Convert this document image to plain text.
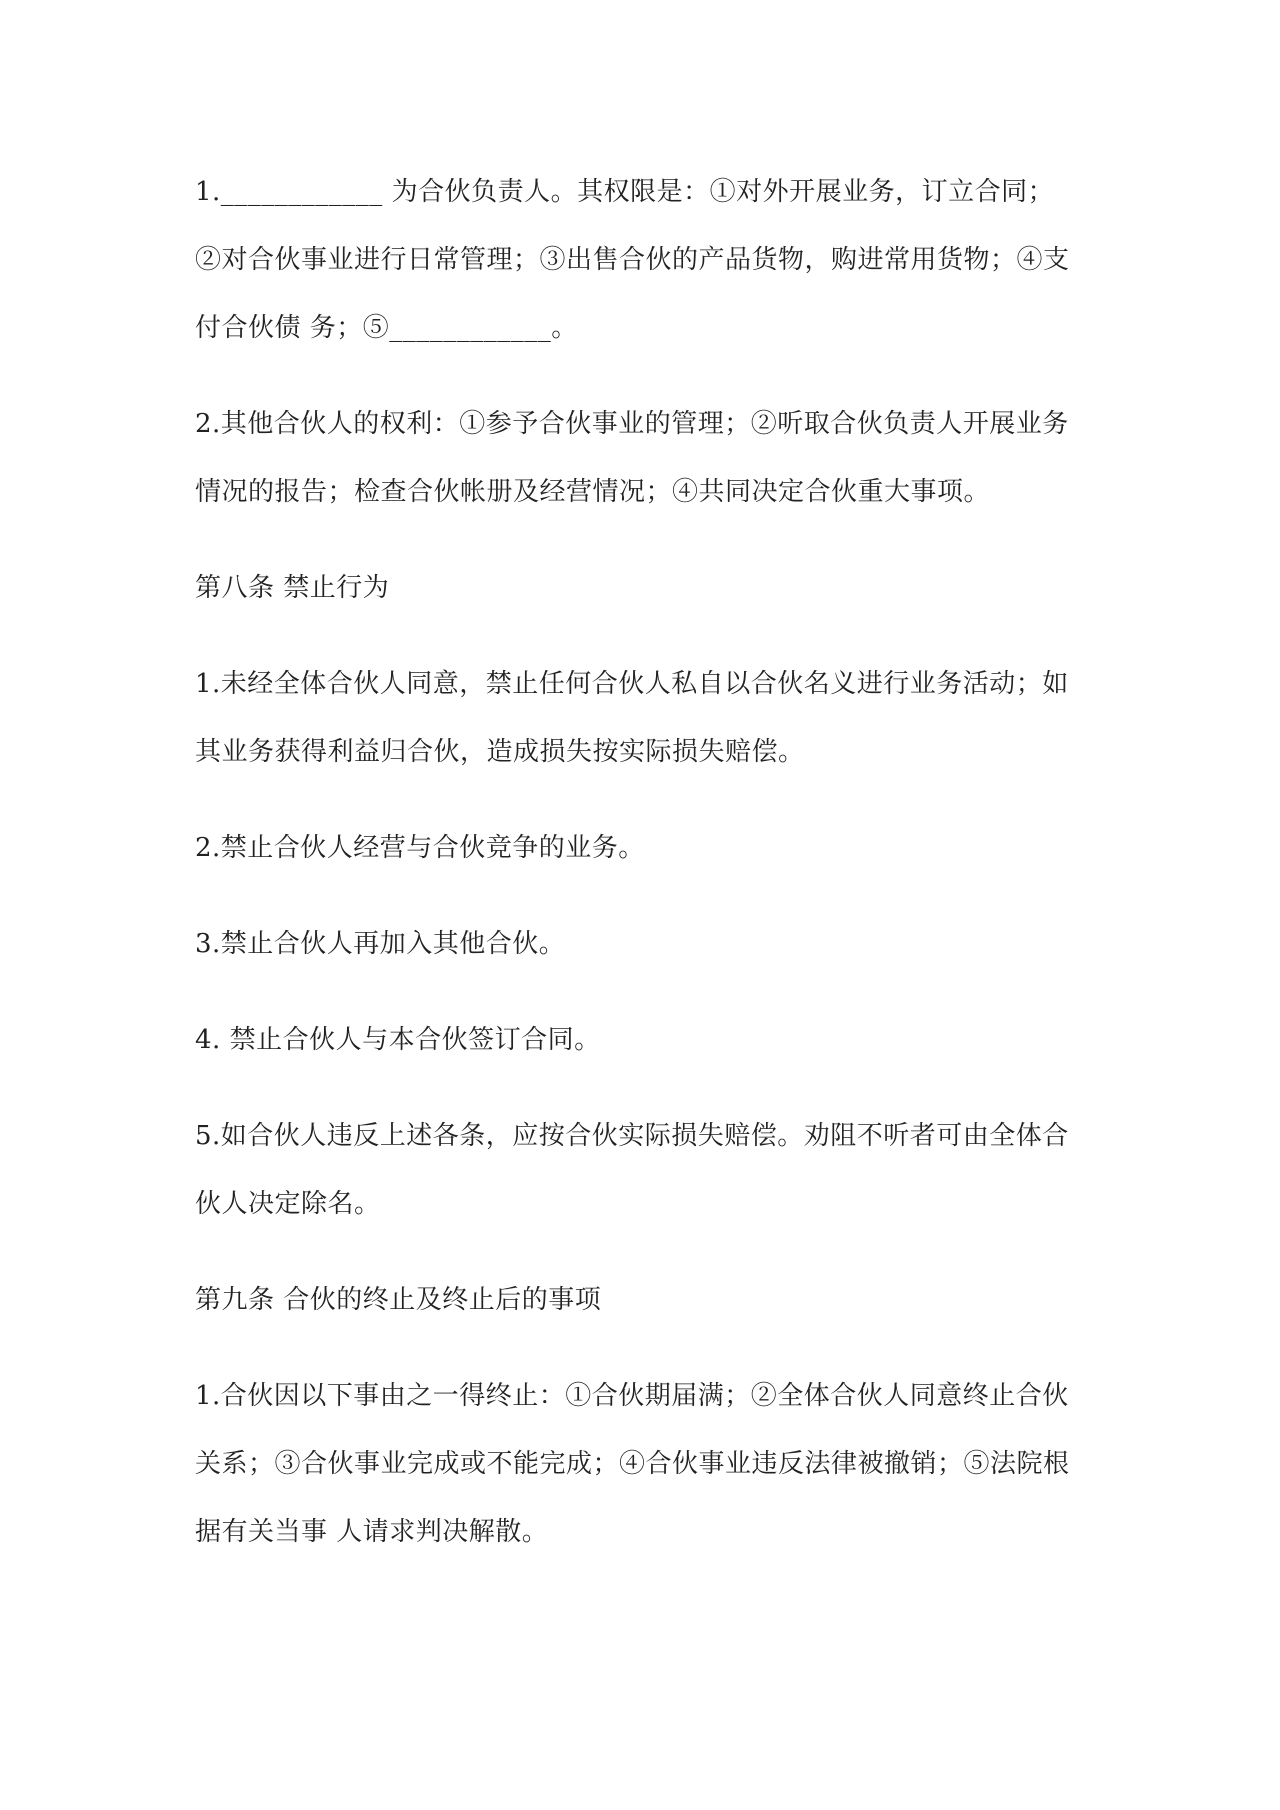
1.____________ 为合伙负责人。其权限是：①对外开展业务，订立合同；②对合伙事业进行日常管理；③出售合伙的产品货物，购进常用货物；④支付合伙债 务；⑤____________。

2.其他合伙人的权利：①参予合伙事业的管理；②听取合伙负责人开展业务情况的报告；检查合伙帐册及经营情况；④共同决定合伙重大事项。

第八条 禁止行为

1.未经全体合伙人同意，禁止任何合伙人私自以合伙名义进行业务活动；如其业务获得利益归合伙，造成损失按实际损失赔偿。

2.禁止合伙人经营与合伙竞争的业务。

3.禁止合伙人再加入其他合伙。

4. 禁止合伙人与本合伙签订合同。

5.如合伙人违反上述各条，应按合伙实际损失赔偿。劝阻不听者可由全体合伙人决定除名。

第九条 合伙的终止及终止后的事项

1.合伙因以下事由之一得终止：①合伙期届满；②全体合伙人同意终止合伙关系；③合伙事业完成或不能完成；④合伙事业违反法律被撤销；⑤法院根据有关当事 人请求判决解散。
